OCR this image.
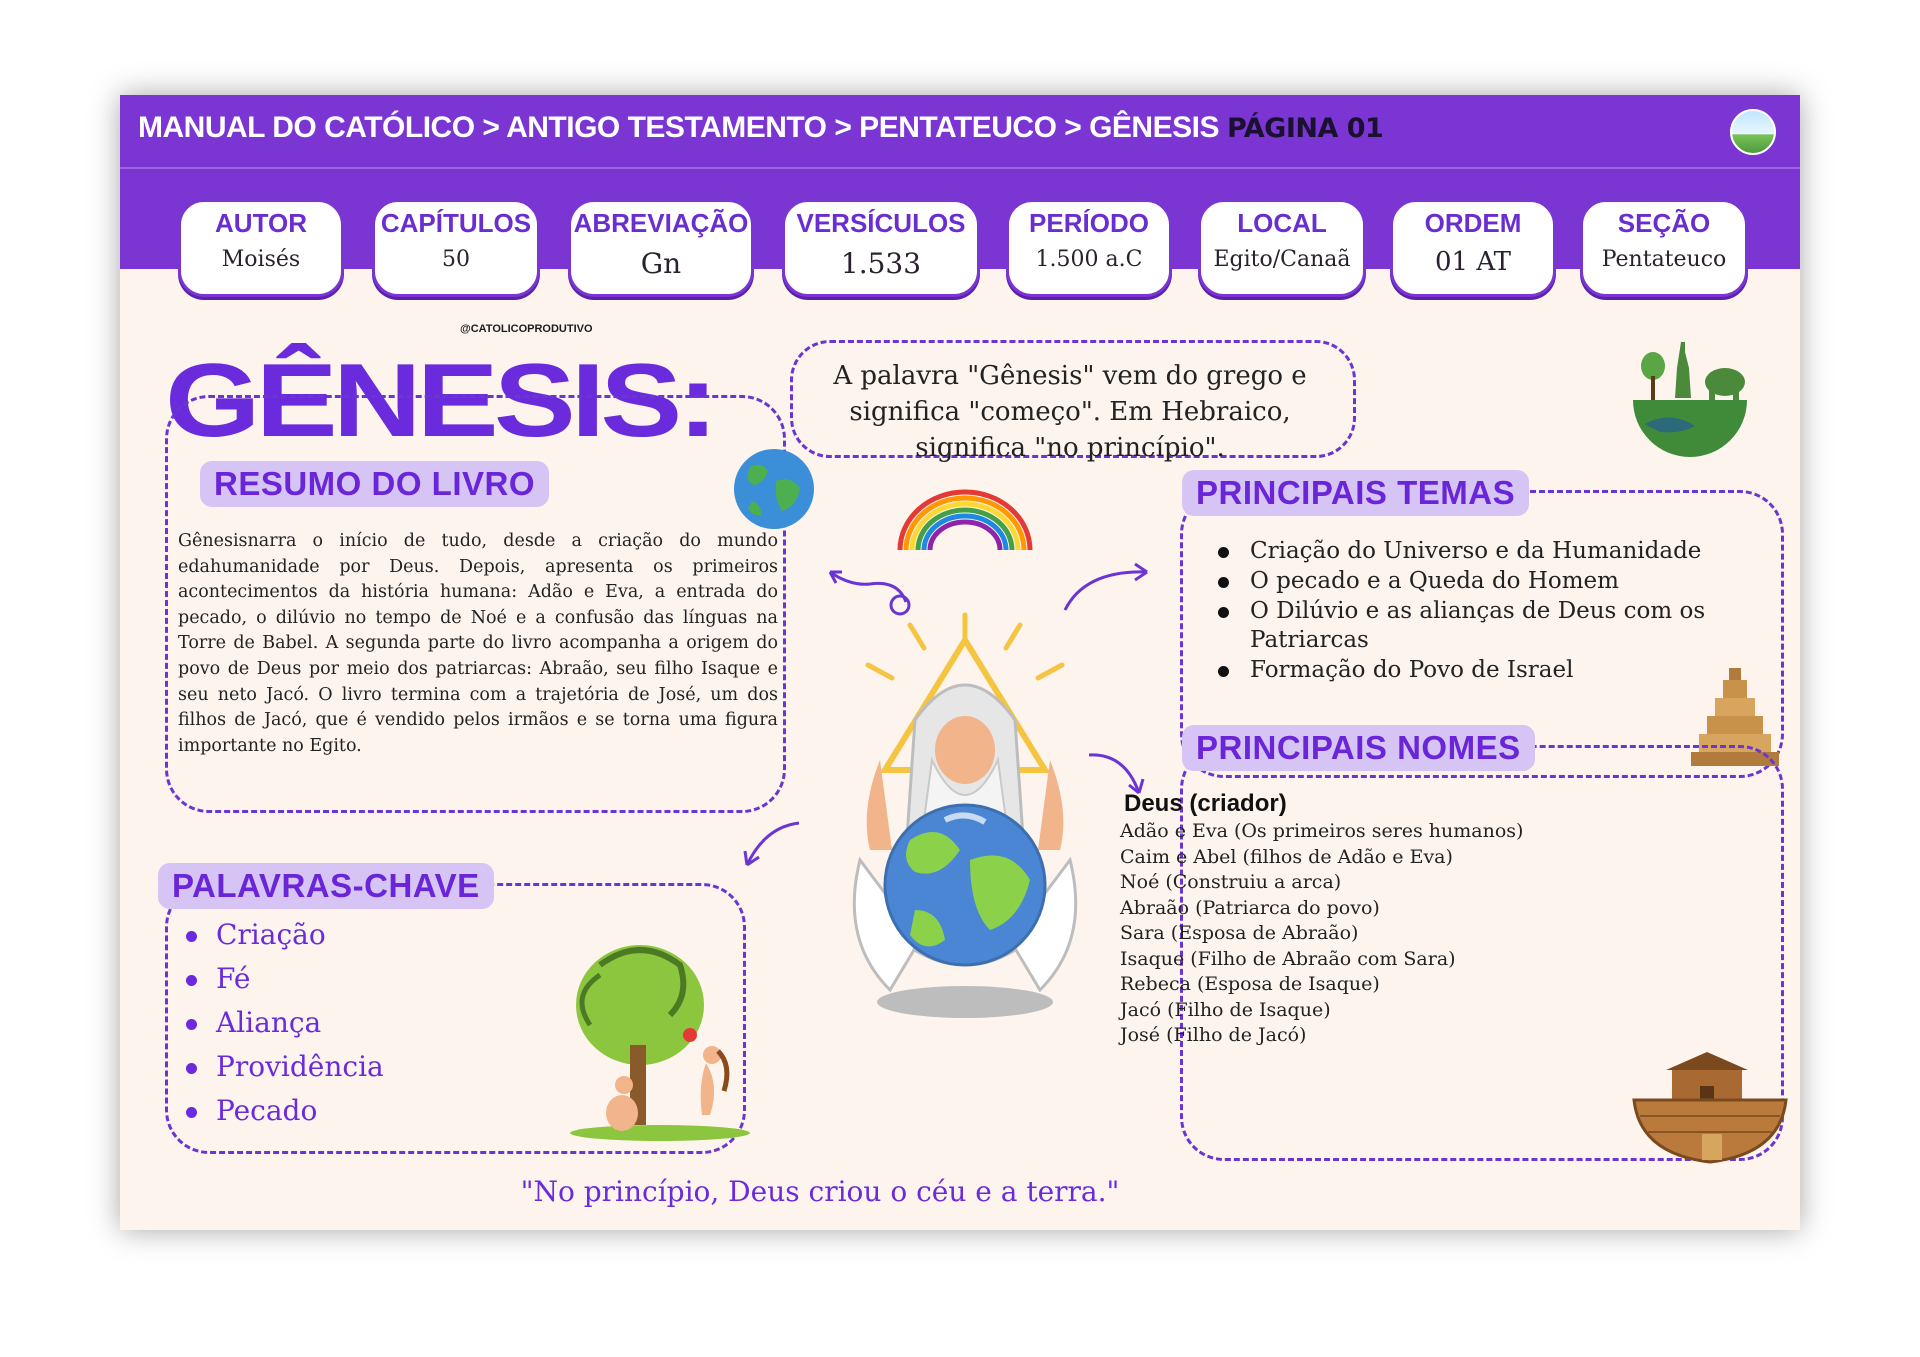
MANUAL DO CATÓLICO > ANTIGO TESTAMENTO > PENTATEUCO > GÊNESIS PÁGINA 01
AUTOR
Moisés
CAPÍTULOS
50
ABREVIAÇÃO
Gn
VERSÍCULOS
1.533
PERÍODO
1.500 a.C
LOCAL
Egito/Canaã
ORDEM
01 AT
SEÇÃO
Pentateuco
@CATOLICOPRODUTIVO
GÊNESIS:	A palavra "Gênesis" vem do grego e significa "começo". Em Hebraico, significa "no princípio".
RESUMO DO LIVRO
Gênesisnarra o início de tudo, desde a criação do mundo edahumanidade por Deus. Depois, apresenta os primeiros acontecimentos da história humana: Adão e Eva, a entrada do pecado, o dilúvio no tempo de Noé e a confusão das línguas na Torre de Babel. A segunda parte do livro acompanha a origem do povo de Deus por meio dos patriarcas: Abraão, seu filho Isaque e seu neto Jacó. O livro termina com a trajetória de José, um dos filhos de Jacó, que é vendido pelos irmãos e se torna uma figura importante no Egito.
PRINCIPAIS TEMAS
Criação do Universo e da Humanidade
O pecado e a Queda do Homem
O Dilúvio e as alianças de Deus com os Patriarcas
Formação do Povo de Israel
PRINCIPAIS NOMES
Deus (criador)
Adão e Eva (Os primeiros seres humanos)
Caim e Abel (filhos de Adão e Eva)
Noé (Construiu a arca)
Abraão (Patriarca do povo)
Sara (Esposa de Abraão)
Isaque (Filho de Abraão com Sara)
Rebeca (Esposa de Isaque)
Jacó (Filho de Isaque)
José (Filho de Jacó)
PALAVRAS-CHAVE
Criação
Fé
Aliança
Providência
Pecado
"No princípio, Deus criou o céu e a terra."
